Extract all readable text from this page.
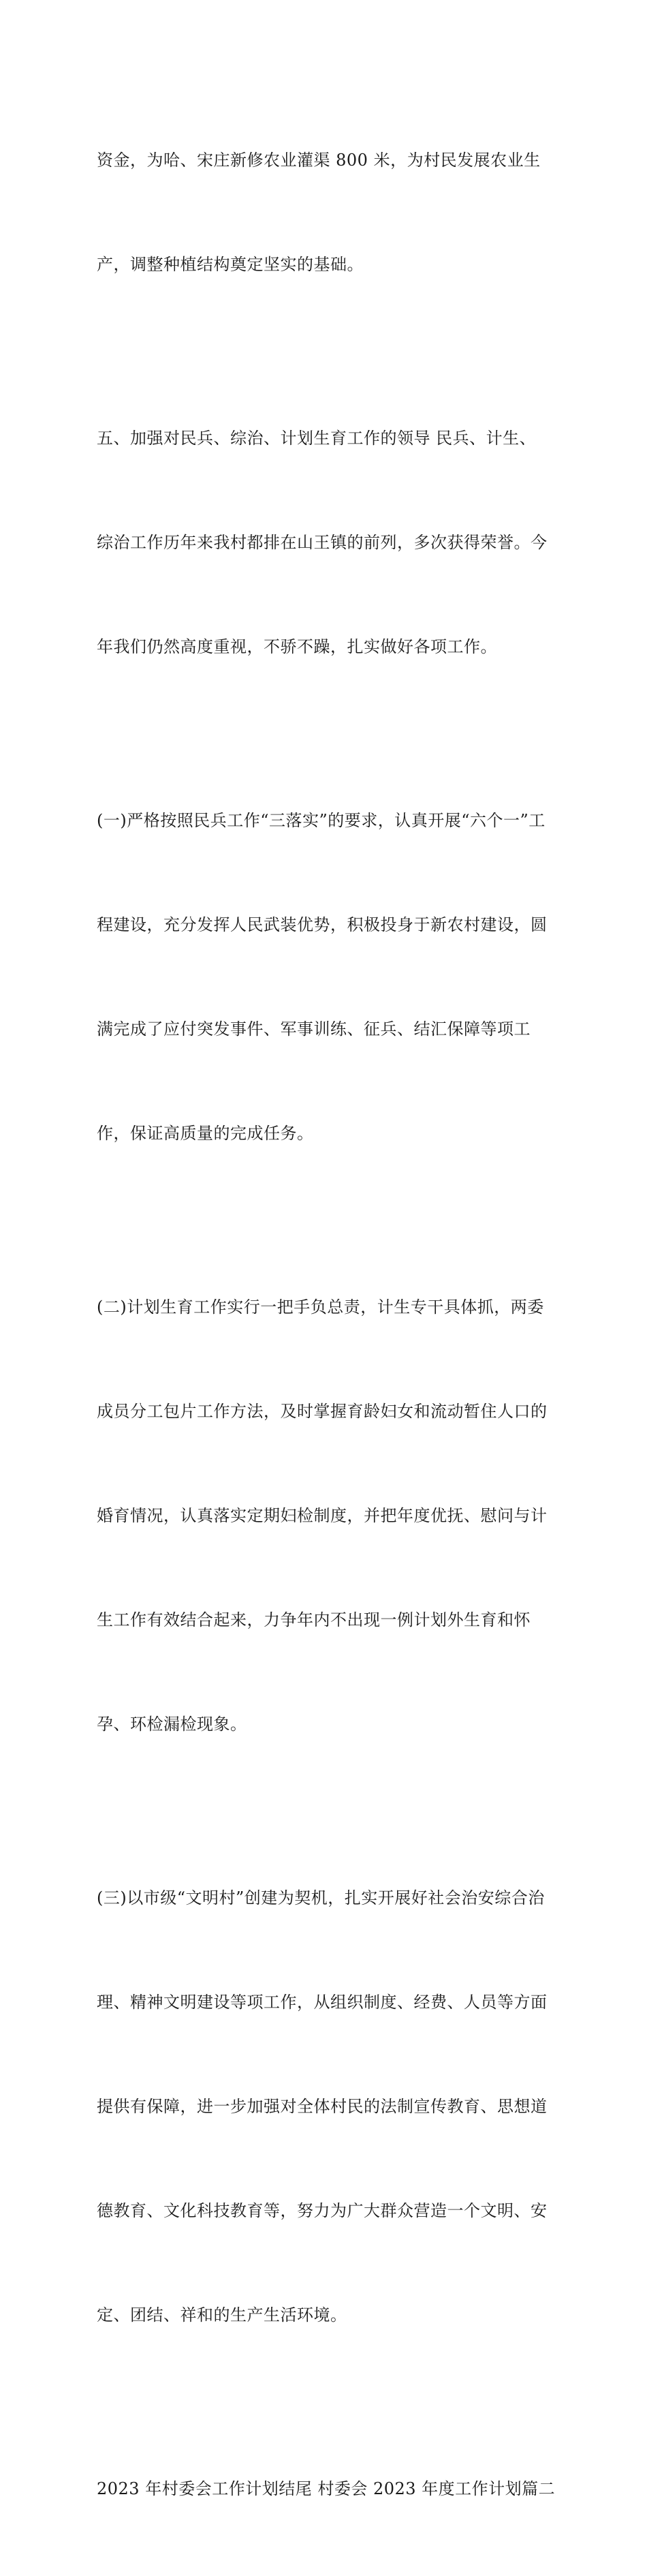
资金，为哈、宋庄新修农业灌渠 800 米，为村民发展农业生

产，调整种植结构奠定坚实的基础。

五、加强对民兵、综治、计划生育工作的领导 民兵、计生、

综治工作历年来我村都排在山王镇的前列，多次获得荣誉。今

年我们仍然高度重视，不骄不躁，扎实做好各项工作。

(一)严格按照民兵工作“三落实”的要求，认真开展“六个一”工

程建设，充分发挥人民武装优势，积极投身于新农村建设，圆

满完成了应付突发事件、军事训练、征兵、结汇保障等项工

作，保证高质量的完成任务。

(二)计划生育工作实行一把手负总责，计生专干具体抓，两委

成员分工包片工作方法，及时掌握育龄妇女和流动暂住人口的

婚育情况，认真落实定期妇检制度，并把年度优抚、慰问与计

生工作有效结合起来，力争年内不出现一例计划外生育和怀

孕、环检漏检现象。

(三)以市级“文明村”创建为契机，扎实开展好社会治安综合治

理、精神文明建设等项工作，从组织制度、经费、人员等方面

提供有保障，进一步加强对全体村民的法制宣传教育、思想道

德教育、文化科技教育等，努力为广大群众营造一个文明、安

定、团结、祥和的生产生活环境。

2023 年村委会工作计划结尾 村委会 2023 年度工作计划篇二
